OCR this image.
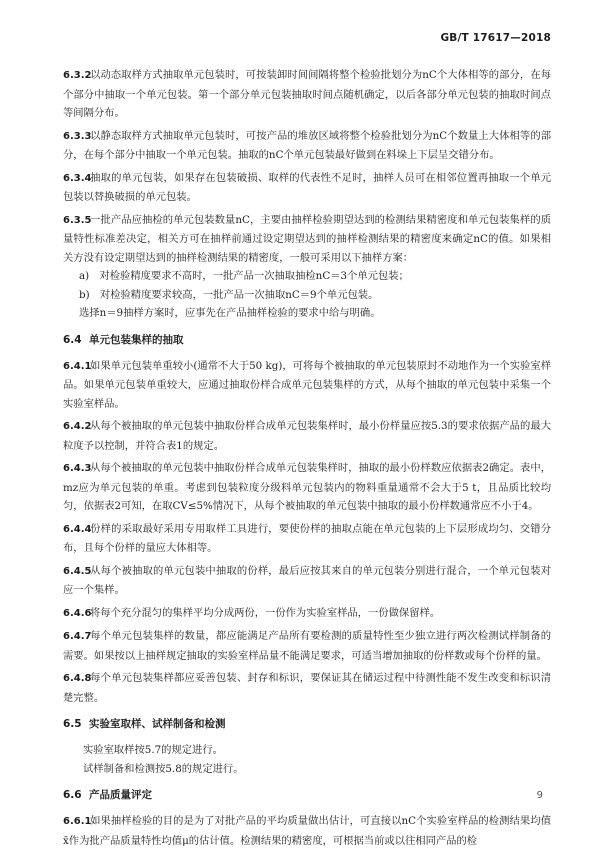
GB/T 17617—2018

6.3.2以动态取样方式抽取单元包装时，可按装卸时间间隔将整个检验批划分为nC个大体相等的部分，在每个部分中抽取一个单元包装。第一个部分单元包装抽取时间点随机确定，以后各部分单元包装的抽取时间点等间隔分布。

6.3.3以静态取样方式抽取单元包装时，可按产品的堆放区域将整个检验批划分为nC个数量上大体相等的部分，在每个部分中抽取一个单元包装。抽取的nC个单元包装最好做到在料垛上下层呈交错分布。

6.3.4抽取的单元包装，如果存在包装破损、取样的代表性不足时，抽样人员可在相邻位置再抽取一个单元包装以替换破损的单元包装。

6.3.5一批产品应抽检的单元包装数量nC，主要由抽样检验期望达到的检测结果精密度和单元包装集样的质量特性标准差决定，相关方可在抽样前通过设定期望达到的抽样检测结果的精密度来确定nC的值。如果相关方没有设定期望达到的抽样检测结果的精密度，一般可采用以下抽样方案：

a)　对检验精度要求不高时，一批产品一次抽取抽检nC＝3个单元包装；

b)　对检验精度要求较高，一批产品一次抽取nC＝9个单元包装。

选择n＝9抽样方案时，应事先在产品抽样检验的要求中给与明确。

6.4 单元包装集样的抽取

6.4.1如果单元包装单重较小(通常不大于50 kg)，可将每个被抽取的单元包装原封不动地作为一个实验室样品。如果单元包装单重较大，应通过抽取份样合成单元包装集样的方式，从每个抽取的单元包装中采集一个实验室样品。

6.4.2从每个被抽取的单元包装中抽取份样合成单元包装集样时，最小份样量应按5.3的要求依据产品的最大粒度予以控制，并符合表1的规定。

6.4.3从每个被抽取的单元包装中抽取份样合成单元包装集样时，抽取的最小份样数应依据表2确定。表中，mz应为单元包装的单重。考虑到包装粒度分级料单元包装内的物料重量通常不会大于5 t，且品质比较均匀，依据表2可知，在取CV≤5%情况下，从每个被抽取的单元包装中抽取的最小份样数通常应不小于4。

6.4.4份样的采取最好采用专用取样工具进行，要使份样的抽取点能在单元包装的上下层形成均匀、交错分布，且每个份样的量应大体相等。

6.4.5从每个被抽取的单元包装中抽取的份样，最后应按其来自的单元包装分别进行混合，一个单元包装对应一个集样。

6.4.6将每个充分混匀的集样平均分成两份，一份作为实验室样品，一份做保留样。

6.4.7每个单元包装集样的数量，都应能满足产品所有要检测的质量特性至少独立进行两次检测试样制备的需要。如果按以上抽样规定抽取的实验室样品量不能满足要求，可适当增加抽取的份样数或每个份样的量。

6.4.8每个单元包装集样都应妥善包装、封存和标识，要保证其在储运过程中待测性能不发生改变和标识清楚完整。

6.5 实验室取样、试样制备和检测

实验室取样按5.7的规定进行。

试样制备和检测按5.8的规定进行。

6.6 产品质量评定

6.6.1如果抽样检验的目的是为了对批产品的平均质量做出估计，可直接以nC个实验室样品的检测结果均值x̄作为批产品质量特性均值μ的估计值。检测结果的精密度，可根据当前或以往相同产品的检

9
